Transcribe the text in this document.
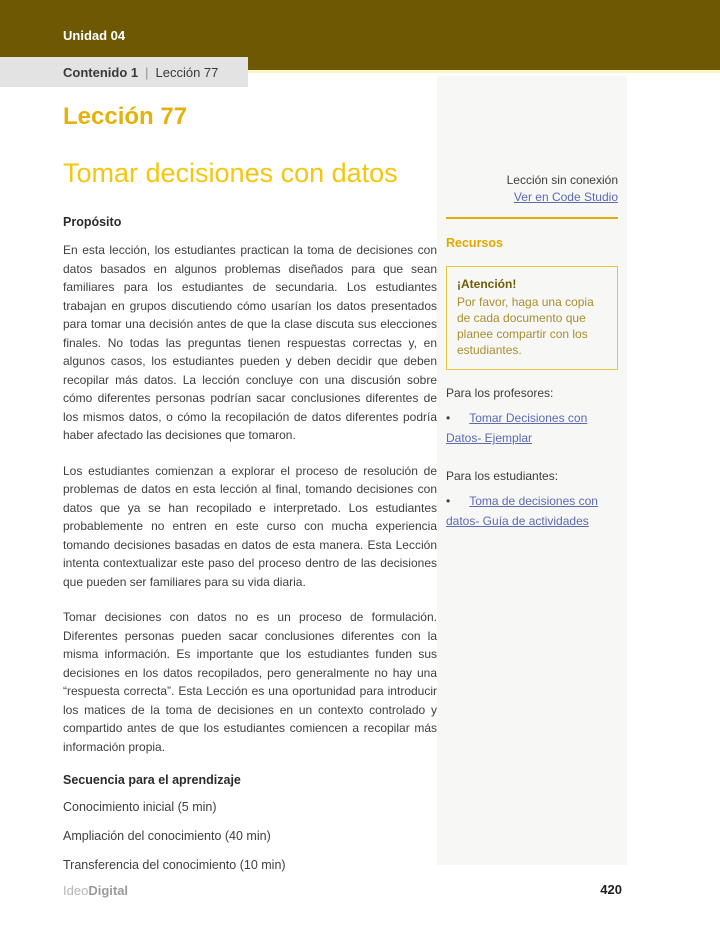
Unidad 04
Contenido 1 | Lección 77
Lección 77
Tomar decisiones con datos
Propósito

En esta lección, los estudiantes practican la toma de decisiones con datos basados en algunos problemas diseñados para que sean familiares para los estudiantes de secundaria. Los estudiantes trabajan en grupos discutiendo cómo usarían los datos presentados para tomar una decisión antes de que la clase discuta sus elecciones finales. No todas las preguntas tienen respuestas correctas y, en algunos casos, los estudiantes pueden y deben decidir que deben recopilar más datos. La lección concluye con una discusión sobre cómo diferentes personas podrían sacar conclusiones diferentes de los mismos datos, o cómo la recopilación de datos diferentes podría haber afectado las decisiones que tomaron.

Los estudiantes comienzan a explorar el proceso de resolución de problemas de datos en esta lección al final, tomando decisiones con datos que ya se han recopilado e interpretado. Los estudiantes probablemente no entren en este curso con mucha experiencia tomando decisiones basadas en datos de esta manera. Esta Lección intenta contextualizar este paso del proceso dentro de las decisiones que pueden ser familiares para su vida diaria.

Tomar decisiones con datos no es un proceso de formulación. Diferentes personas pueden sacar conclusiones diferentes con la misma información. Es importante que los estudiantes funden sus decisiones en los datos recopilados, pero generalmente no hay una “respuesta correcta”. Esta Lección es una oportunidad para introducir los matices de la toma de decisiones en un contexto controlado y compartido antes de que los estudiantes comiencen a recopilar más información propia.

Secuencia para el aprendizaje
Conocimiento inicial (5 min)
Ampliación del conocimiento (40 min)
Transferencia del conocimiento (10 min)
Lección sin conexión
Ver en Code Studio
Recursos
¡Atención!
Por favor, haga una copia de cada documento que planee compartir con los estudiantes.
Para los profesores:
• Tomar Decisiones con Datos- Ejemplar
Para los estudiantes:
• Toma de decisiones con datos- Guía de actividades
IdeoDigital	420
